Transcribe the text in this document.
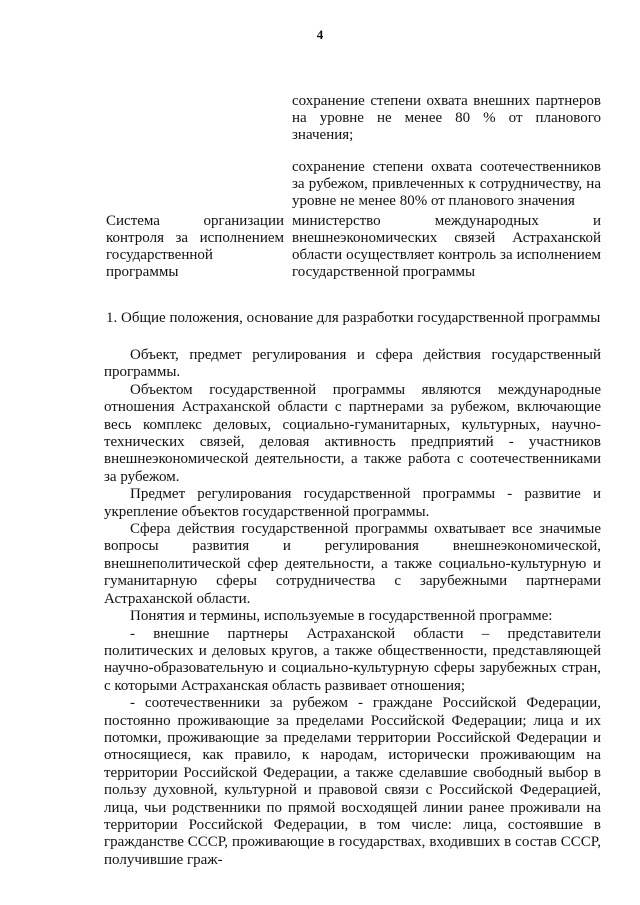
4

сохранение степени охвата внешних партнеров на уровне не менее 80 % от планового значения;

сохранение степени охвата соотечественников за рубежом, привлеченных к сотрудничеству, на уровне не менее 80% от планового значения

Система организации контроля за исполнением государственной программы
министерство международных и внешнеэкономических связей Астраханской области осуществляет контроль за исполнением государственной программы
1. Общие положения, основание для разработки государственной программы

Объект, предмет регулирования и сфера действия государственный программы.

Объектом государственной программы являются международные отношения Астраханской области с партнерами за рубежом, включающие весь комплекс деловых, социально-гуманитарных, культурных, научно-технических связей, деловая активность предприятий - участников внешнеэкономической деятельности, а также работа с соотечественниками за рубежом.

Предмет регулирования государственной программы - развитие и укрепление объектов государственной программы.

Сфера действия государственной программы охватывает все значимые вопросы развития и регулирования внешнеэкономической, внешнеполитической сфер деятельности, а также социально-культурную и гуманитарную сферы сотрудничества с зарубежными партнерами Астраханской области.

Понятия и термины, используемые в государственной программе:

- внешние партнеры Астраханской области – представители политических и деловых кругов, а также общественности, представляющей научно-образовательную и социально-культурную сферы зарубежных стран, с которыми Астраханская область развивает отношения;

- соотечественники за рубежом - граждане Российской Федерации, постоянно проживающие за пределами Российской Федерации; лица и их потомки, проживающие за пределами территории Российской Федерации и относящиеся, как правило, к народам, исторически проживающим на территории Российской Федерации, а также сделавшие свободный выбор в пользу духовной, культурной и правовой связи с Российской Федерацией, лица, чьи родственники по прямой восходящей линии ранее проживали на территории Российской Федерации, в том числе: лица, состоявшие в гражданстве СССР, проживающие в государствах, входивших в состав СССР, получившие граж-
